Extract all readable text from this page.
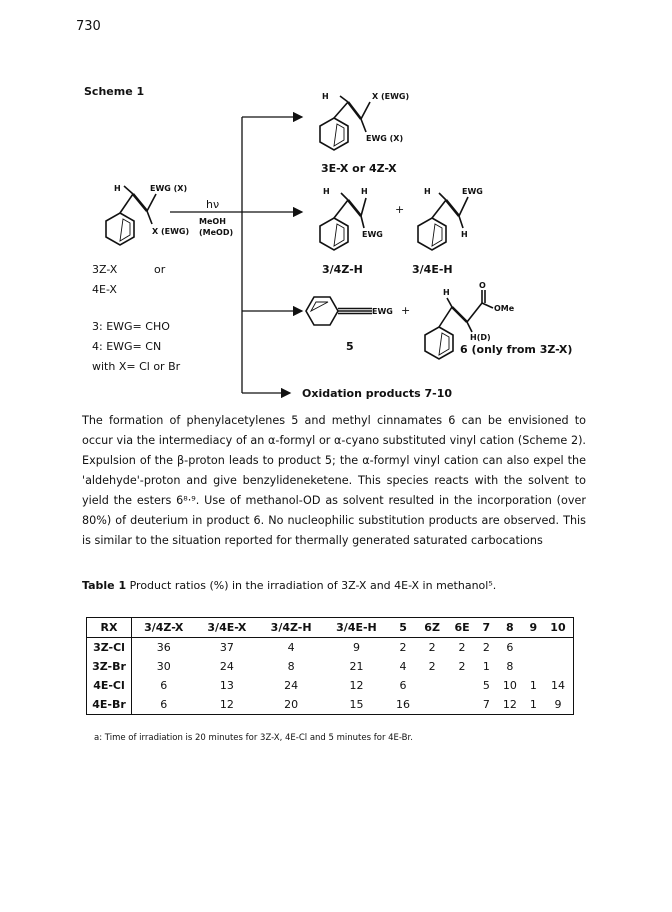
730
Scheme 1
H	EWG (X)
X (EWG)
hν
MeOH
(MeOD)
3Z-X	or
4E-X
3: EWG= CHO
4: EWG= CN
with X= Cl or Br
H	X (EWG)
EWG (X)
3E-X or 4Z-X
H	H
EWG
+
3/4Z-H
H	EWG
H
3/4E-H
EWG +
5
H
O
OMe
H(D)
6 (only from 3Z-X)
Oxidation products 7-10

The formation of phenylacetylenes 5 and methyl cinnamates 6 can be envisioned to occur via the intermediacy of an α-formyl or α-cyano substituted vinyl cation (Scheme 2). Expulsion of the β-proton leads to product 5; the α-formyl vinyl cation can also expel the 'aldehyde'-proton and give benzylideneketene. This species reacts with the solvent to yield the esters 6⁸·⁹. Use of methanol-OD as solvent resulted in the incorporation (over 80%) of deuterium in product 6. No nucleophilic substitution products are observed. This is similar to the situation reported for thermally generated saturated carbocations

Table 1 Product ratios (%) in the irradiation of 3Z-X and 4E-X in methanol⁵.
RX	3/4Z-X	3/4E-X	3/4Z-H	3/4E-H	5	6Z	6E	7	8	9	10
3Z-Cl	36	37	4	9	2	2	2	2	6		
3Z-Br	30	24	8	21	4	2	2	1	8		
4E-Cl	6	13	24	12	6			5	10	1	14
4E-Br	6	12	20	15	16			7	12	1	9
a: Time of irradiation is 20 minutes for 3Z-X, 4E-Cl and 5 minutes for 4E-Br.
